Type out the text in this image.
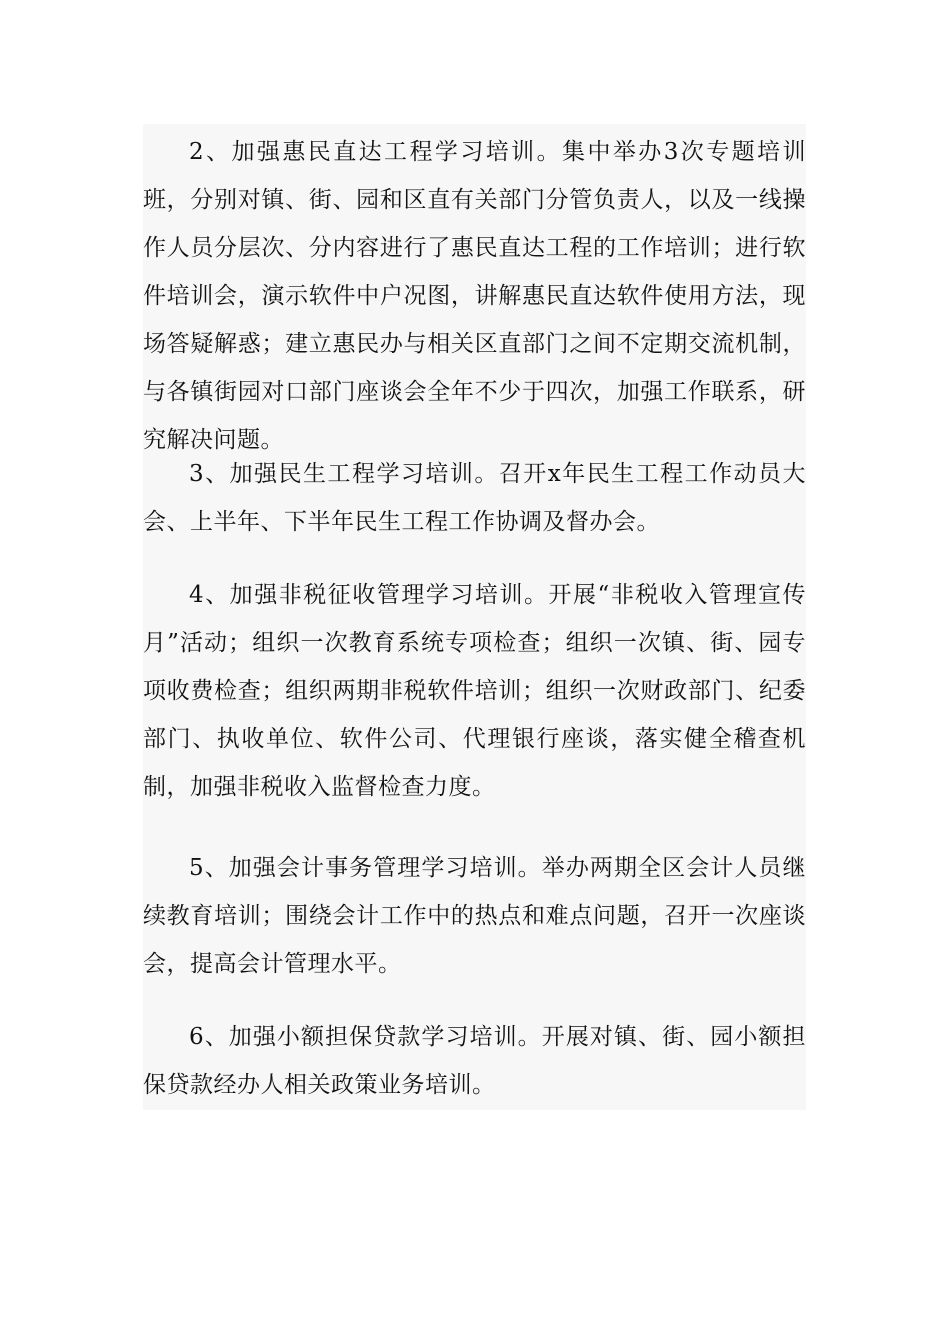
2、加强惠民直达工程学习培训。集中举办3次专题培训班，分别对镇、街、园和区直有关部门分管负责人，以及一线操作人员分层次、分内容进行了惠民直达工程的工作培训；进行软件培训会，演示软件中户况图，讲解惠民直达软件使用方法，现场答疑解惑；建立惠民办与相关区直部门之间不定期交流机制，与各镇街园对口部门座谈会全年不少于四次，加强工作联系，研究解决问题。

3、加强民生工程学习培训。召开x年民生工程工作动员大会、上半年、下半年民生工程工作协调及督办会。

4、加强非税征收管理学习培训。开展“非税收入管理宣传月”活动；组织一次教育系统专项检查；组织一次镇、街、园专项收费检查；组织两期非税软件培训；组织一次财政部门、纪委部门、执收单位、软件公司、代理银行座谈，落实健全稽查机制，加强非税收入监督检查力度。

5、加强会计事务管理学习培训。举办两期全区会计人员继续教育培训；围绕会计工作中的热点和难点问题，召开一次座谈会，提高会计管理水平。

6、加强小额担保贷款学习培训。开展对镇、街、园小额担保贷款经办人相关政策业务培训。
